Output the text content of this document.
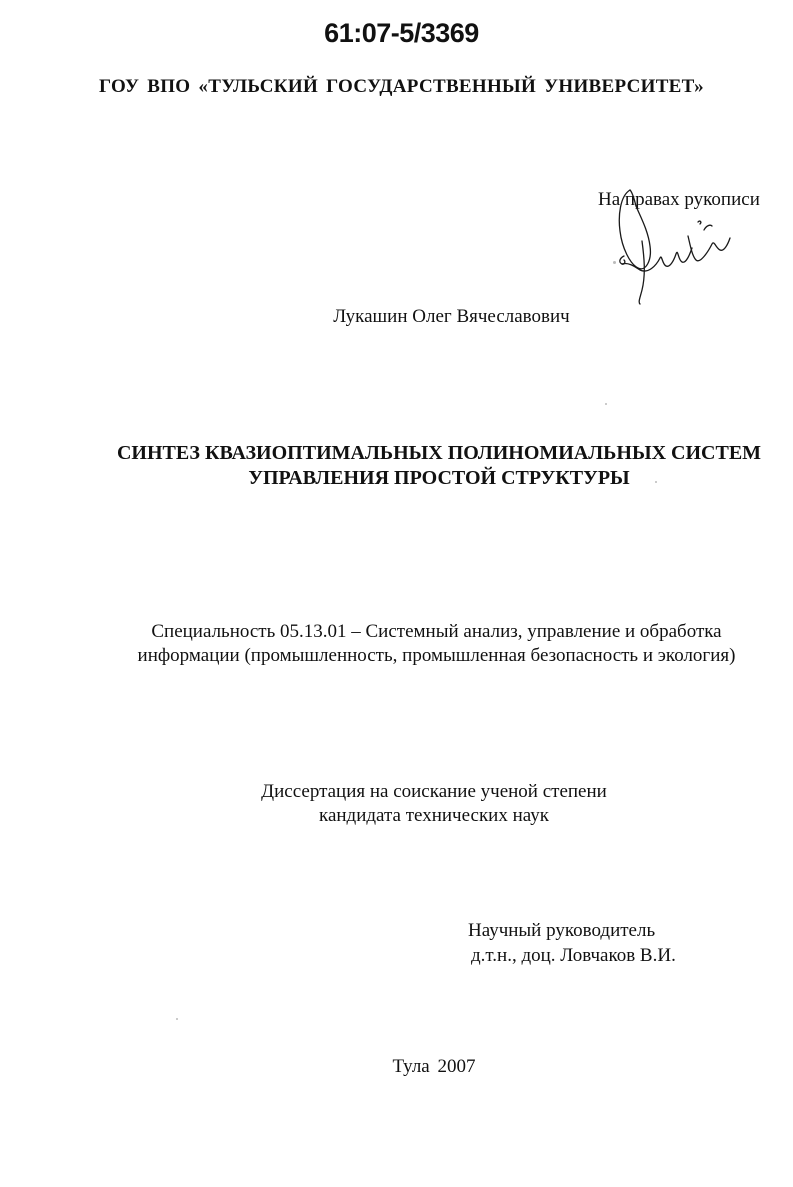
61:07-5/3369
ГОУ ВПО «ТУЛЬСКИЙ ГОСУДАРСТВЕННЫЙ УНИВЕРСИТЕТ»
На правах рукописи
Лукашин Олег Вячеславович
СИНТЕЗ КВАЗИОПТИМАЛЬНЫХ ПОЛИНОМИАЛЬНЫХ СИСТЕМ
УПРАВЛЕНИЯ ПРОСТОЙ СТРУКТУРЫ
Специальность 05.13.01 – Системный анализ, управление и обработка
информации (промышленность, промышленная безопасность и экология)
Диссертация на соискание ученой степени
кандидата технических наук
Научный руководитель
д.т.н., доц. Ловчаков В.И.
Тула 2007
